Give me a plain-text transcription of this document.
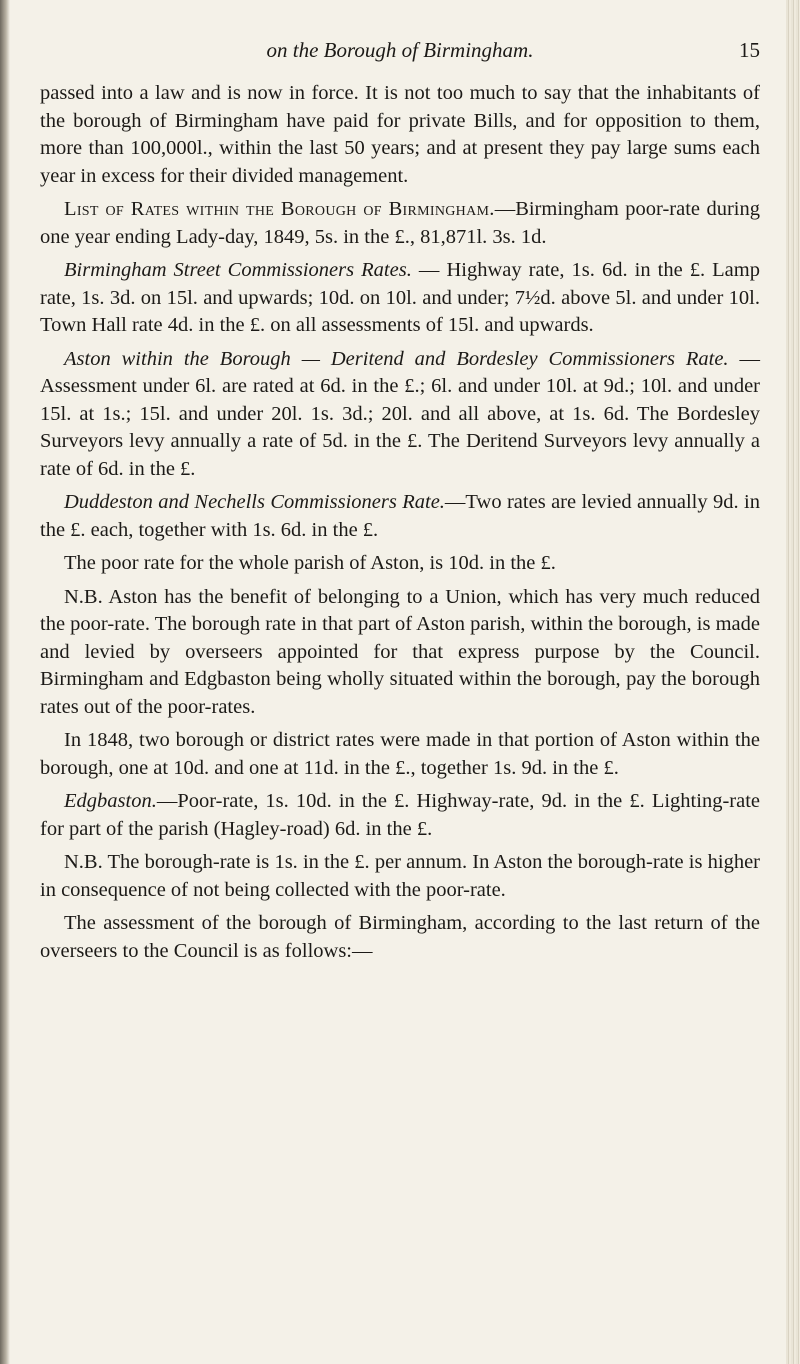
on the Borough of Birmingham.	15

passed into a law and is now in force. It is not too much to say that the inhabitants of the borough of Birmingham have paid for private Bills, and for opposition to them, more than 100,000l., within the last 50 years; and at present they pay large sums each year in excess for their divided management.

List of Rates within the Borough of Birmingham.—Birmingham poor-rate during one year ending Lady-day, 1849, 5s. in the £., 81,871l. 3s. 1d.

Birmingham Street Commissioners Rates. — Highway rate, 1s. 6d. in the £. Lamp rate, 1s. 3d. on 15l. and upwards; 10d. on 10l. and under; 7½d. above 5l. and under 10l. Town Hall rate 4d. in the £. on all assessments of 15l. and upwards.

Aston within the Borough — Deritend and Bordesley Commissioners Rate. — Assessment under 6l. are rated at 6d. in the £.; 6l. and under 10l. at 9d.; 10l. and under 15l. at 1s.; 15l. and under 20l. 1s. 3d.; 20l. and all above, at 1s. 6d. The Bordesley Surveyors levy annually a rate of 5d. in the £. The Deritend Surveyors levy annually a rate of 6d. in the £.

Duddeston and Nechells Commissioners Rate.—Two rates are levied annually 9d. in the £. each, together with 1s. 6d. in the £.

The poor rate for the whole parish of Aston, is 10d. in the £.

N.B. Aston has the benefit of belonging to a Union, which has very much reduced the poor-rate. The borough rate in that part of Aston parish, within the borough, is made and levied by overseers appointed for that express purpose by the Council. Birmingham and Edgbaston being wholly situated within the borough, pay the borough rates out of the poor-rates.

In 1848, two borough or district rates were made in that portion of Aston within the borough, one at 10d. and one at 11d. in the £., together 1s. 9d. in the £.

Edgbaston.—Poor-rate, 1s. 10d. in the £. Highway-rate, 9d. in the £. Lighting-rate for part of the parish (Hagley-road) 6d. in the £.

N.B. The borough-rate is 1s. in the £. per annum. In Aston the borough-rate is higher in consequence of not being collected with the poor-rate.

The assessment of the borough of Birmingham, according to the last return of the overseers to the Council is as follows:—
